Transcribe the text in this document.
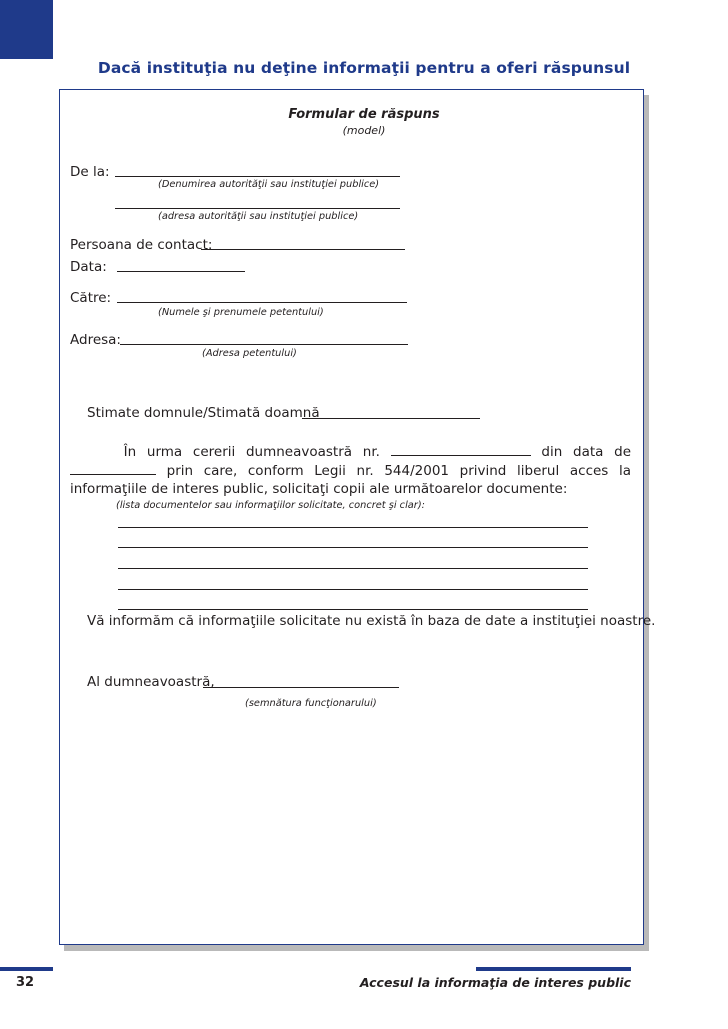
Dacă instituţia nu deţine informaţii pentru a oferi răspunsul
Formular de răspuns
(model)
De la:
(Denumirea autorităţii sau instituţiei publice)
(adresa autorităţii sau instituţiei publice)
Persoana de contact:
Data:
Către:
(Numele şi prenumele petentului)
Adresa:
(Adresa petentului)
Stimate domnule/Stimată doamnă
În urma cererii dumneavoastră nr.	din data de  prin care, conform Legii nr. 544/2001 privind liberul acces la informaţiile de interes public, solicitaţi copii ale următoarelor documente:
(lista documentelor sau informaţiilor solicitate, concret şi clar):
Vă informăm că informaţiile solicitate nu există în baza de date a instituţiei noastre.
Al dumneavoastră,
(semnătura funcţionarului)
32	Accesul la informaţia de interes public
